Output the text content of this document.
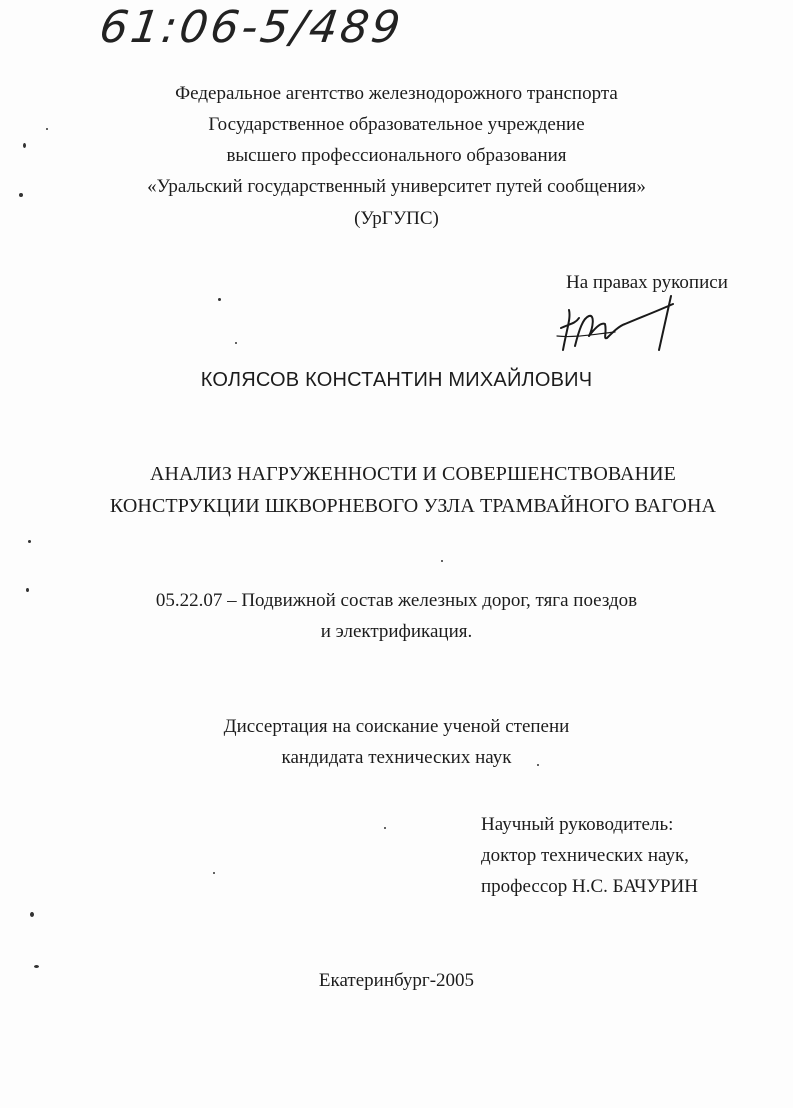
61:06-5/489
Федеральное агентство железнодорожного транспорта
Государственное образовательное учреждение
высшего профессионального образования
«Уральский государственный университет путей сообщения»
(УрГУПС)
На правах рукописи
КОЛЯСОВ КОНСТАНТИН МИХАЙЛОВИЧ
АНАЛИЗ НАГРУЖЕННОСТИ И СОВЕРШЕНСТВОВАНИЕ
КОНСТРУКЦИИ ШКВОРНЕВОГО УЗЛА ТРАМВАЙНОГО ВАГОНА
05.22.07 – Подвижной состав железных дорог, тяга поездов
и электрификация.
Диссертация на соискание ученой степени
кандидата технических наук
Научный руководитель:
доктор технических наук,
профессор Н.С. БАЧУРИН
Екатеринбург-2005
